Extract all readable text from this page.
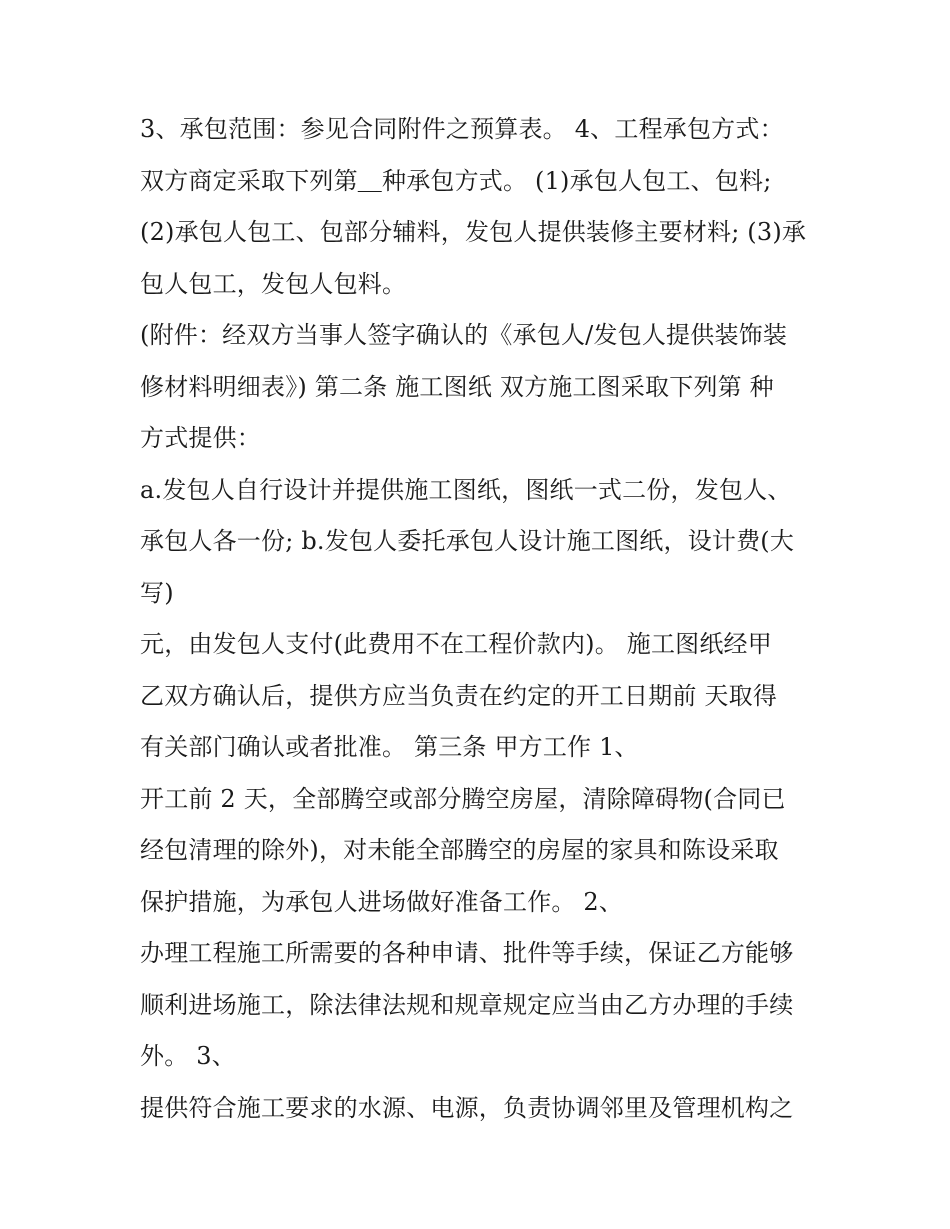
3、承包范围：参见合同附件之预算表。 4、工程承包方式：
双方商定采取下列第＿种承包方式。 (1)承包人包工、包料;
(2)承包人包工、包部分辅料，发包人提供装修主要材料; (3)承
包人包工，发包人包料。
(附件：经双方当事人签字确认的《承包人/发包人提供装饰装
修材料明细表》) 第二条 施工图纸 双方施工图采取下列第 种
方式提供：
a.发包人自行设计并提供施工图纸，图纸一式二份，发包人、
承包人各一份; b.发包人委托承包人设计施工图纸，设计费(大
写)
元，由发包人支付(此费用不在工程价款内)。 施工图纸经甲
乙双方确认后，提供方应当负责在约定的开工日期前 天取得
有关部门确认或者批准。 第三条 甲方工作 1、
开工前 2 天，全部腾空或部分腾空房屋，清除障碍物(合同已
经包清理的除外)，对未能全部腾空的房屋的家具和陈设采取
保护措施，为承包人进场做好准备工作。 2、
办理工程施工所需要的各种申请、批件等手续，保证乙方能够
顺利进场施工，除法律法规和规章规定应当由乙方办理的手续
外。 3、
提供符合施工要求的水源、电源，负责协调邻里及管理机构之
